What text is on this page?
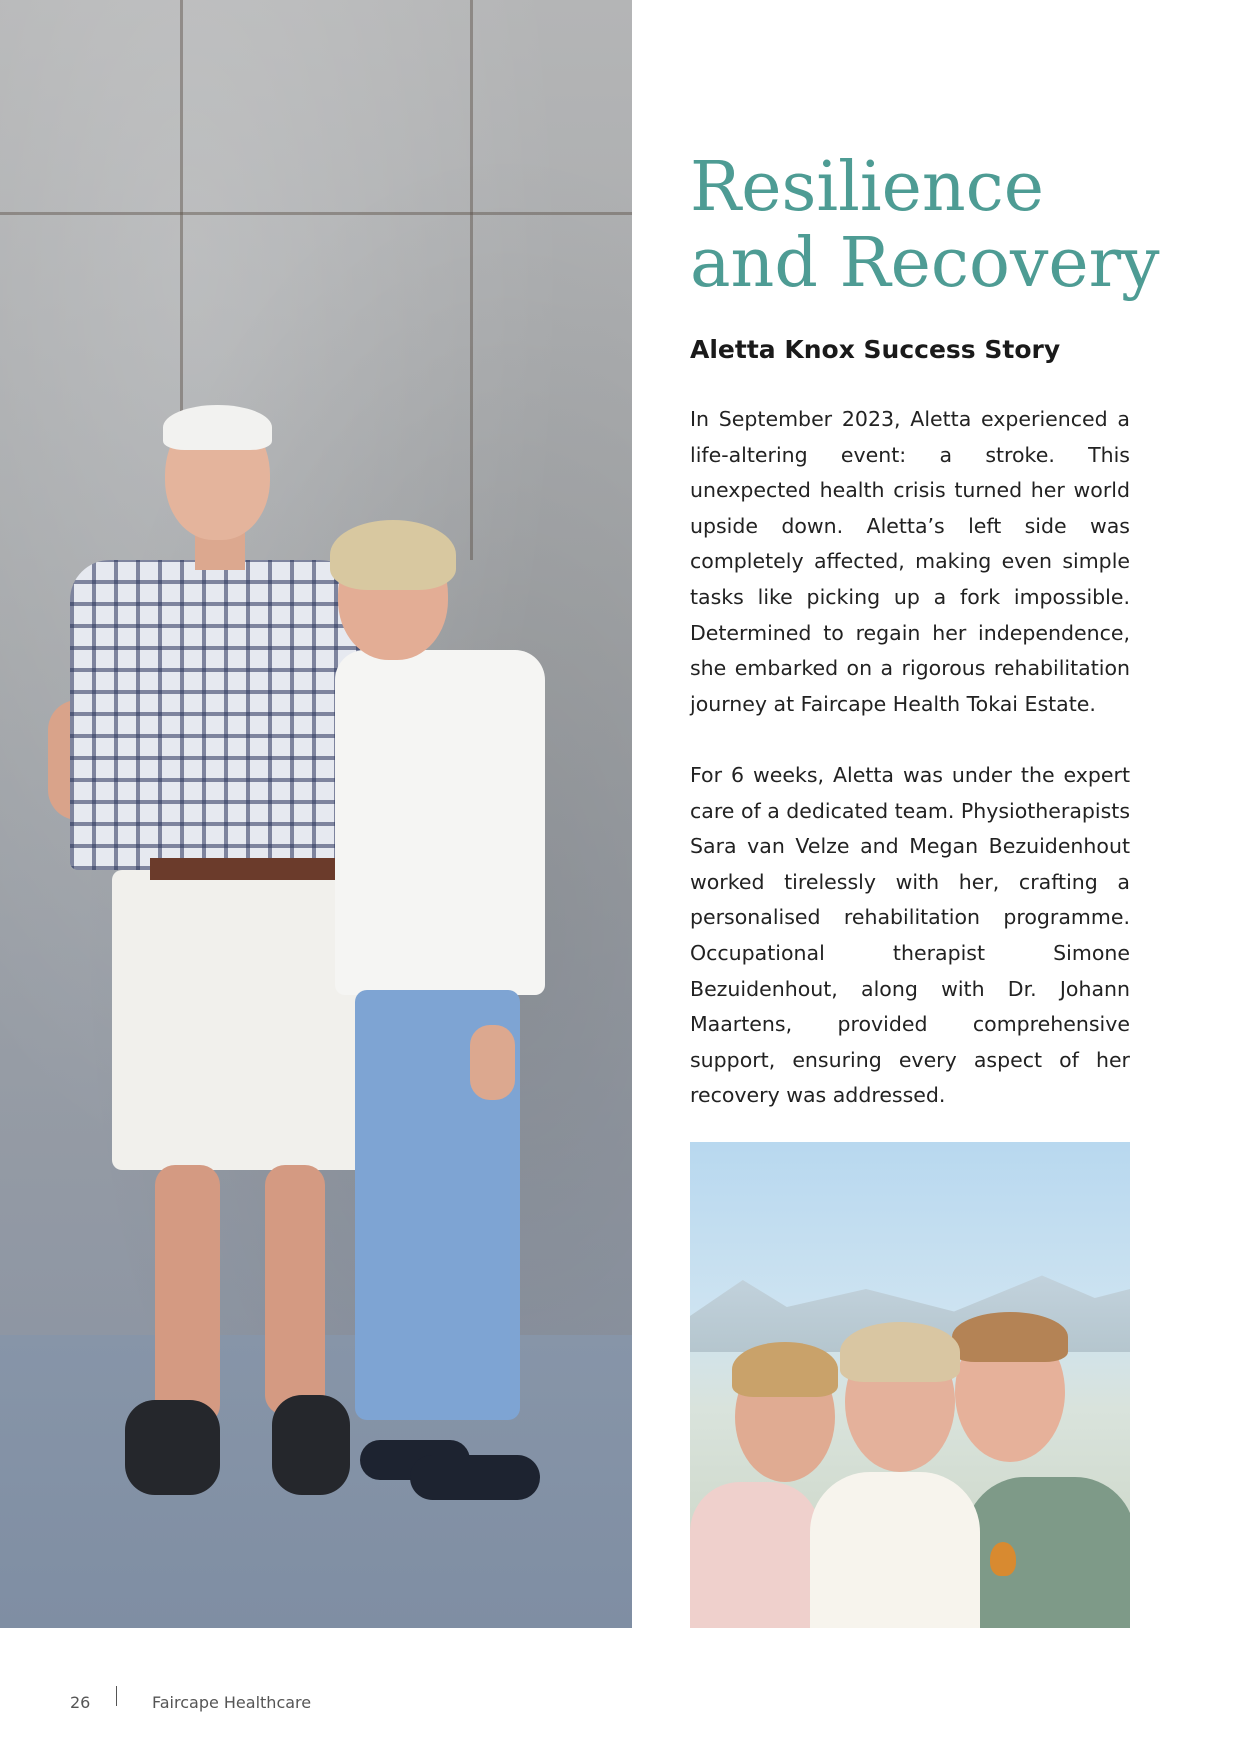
Resilience
and Recovery
Aletta Knox Success Story

In September 2023, Aletta experienced a life-altering event: a stroke. This unexpected health crisis turned her world upside down. Aletta’s left side was completely affected, making even simple tasks like picking up a fork impossible. Determined to regain her independence, she embarked on a rigorous rehabilitation journey at Faircape Health Tokai Estate.

For 6 weeks, Aletta was under the expert care of a dedicated team. Physiotherapists Sara van Velze and Megan Bezuidenhout worked tirelessly with her, crafting a personalised rehabilitation programme. Occupational therapist Simone Bezuidenhout, along with Dr. Johann Maartens, provided comprehensive support, ensuring every aspect of her recovery was addressed.

26	Faircape Healthcare
